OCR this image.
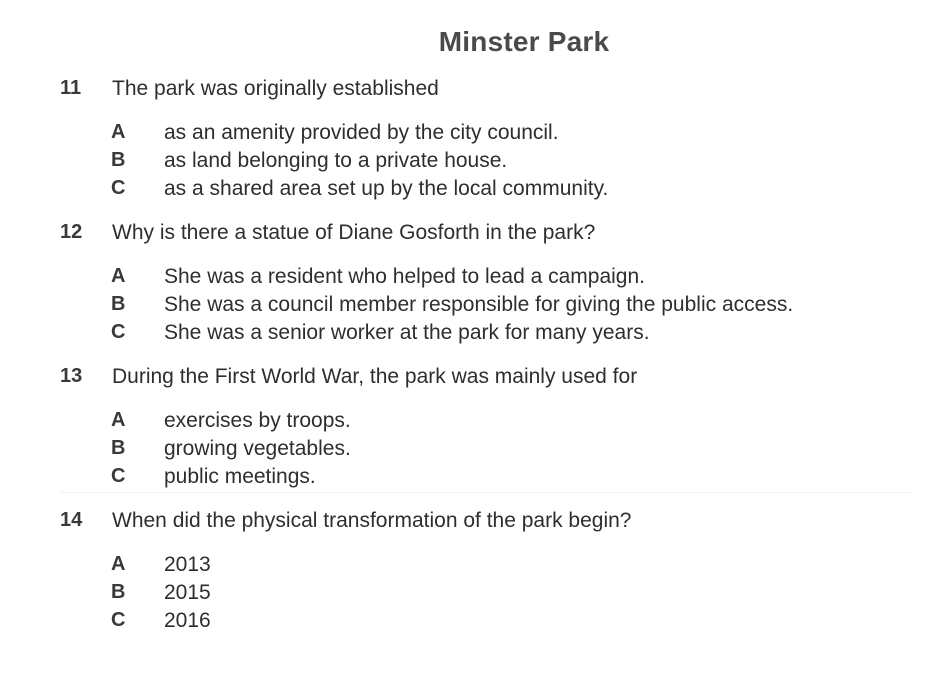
Minster Park
11 The park was originally established
A as an amenity provided by the city council.
B as land belonging to a private house.
C as a shared area set up by the local community.
12 Why is there a statue of Diane Gosforth in the park?
A She was a resident who helped to lead a campaign.
B She was a council member responsible for giving the public access.
C She was a senior worker at the park for many years.
13 During the First World War, the park was mainly used for
A exercises by troops.
B growing vegetables.
C public meetings.
14 When did the physical transformation of the park begin?
A 2013
B 2015
C 2016
